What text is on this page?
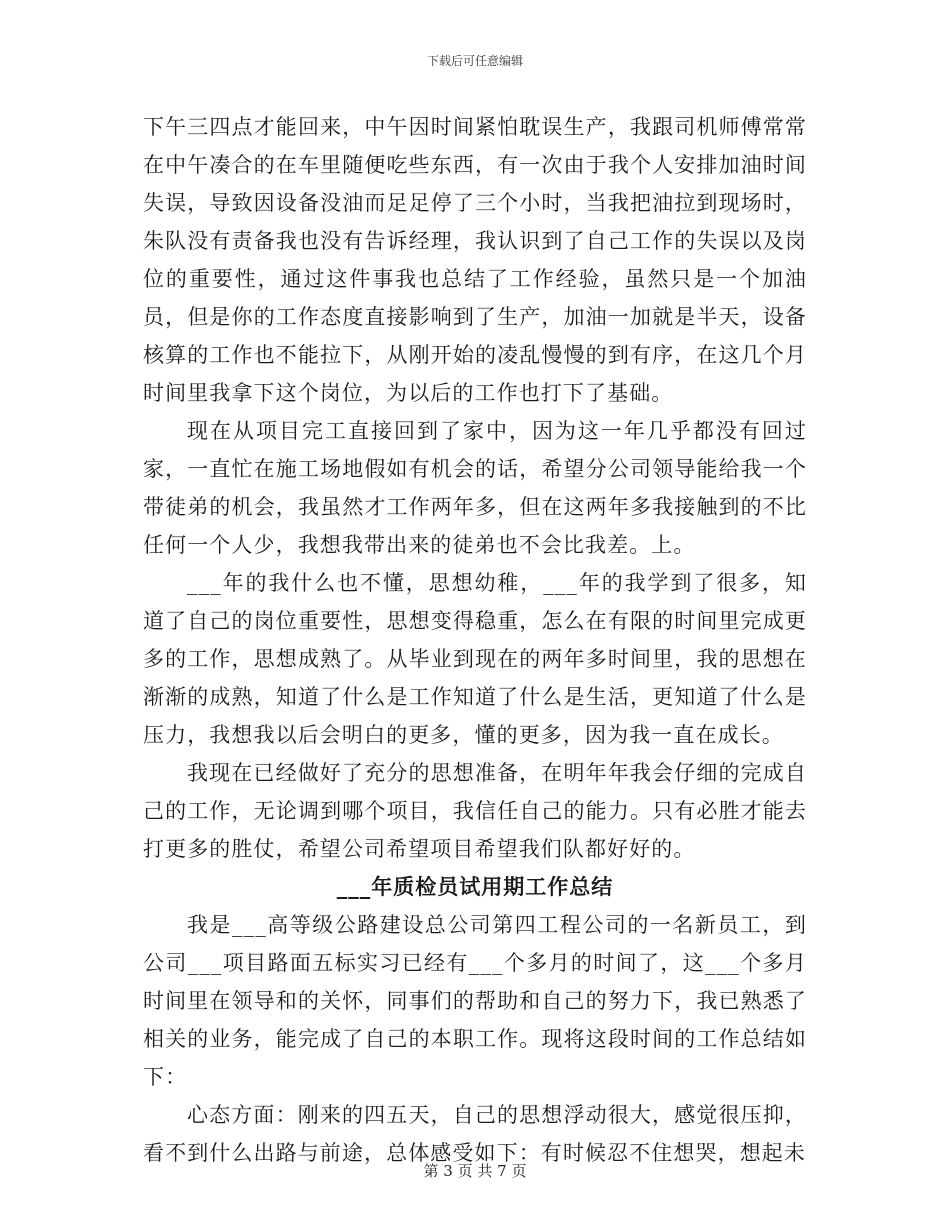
下载后可任意编辑

下午三四点才能回来，中午因时间紧怕耽误生产，我跟司机师傅常常在中午凑合的在车里随便吃些东西，有一次由于我个人安排加油时间失误，导致因设备没油而足足停了三个小时，当我把油拉到现场时，朱队没有责备我也没有告诉经理，我认识到了自己工作的失误以及岗位的重要性，通过这件事我也总结了工作经验，虽然只是一个加油员，但是你的工作态度直接影响到了生产，加油一加就是半天，设备核算的工作也不能拉下，从刚开始的凌乱慢慢的到有序，在这几个月时间里我拿下这个岗位，为以后的工作也打下了基础。

现在从项目完工直接回到了家中，因为这一年几乎都没有回过家，一直忙在施工场地假如有机会的话，希望分公司领导能给我一个带徒弟的机会，我虽然才工作两年多，但在这两年多我接触到的不比任何一个人少，我想我带出来的徒弟也不会比我差。上。

___年的我什么也不懂，思想幼稚，___年的我学到了很多，知道了自己的岗位重要性，思想变得稳重，怎么在有限的时间里完成更多的工作，思想成熟了。从毕业到现在的两年多时间里，我的思想在渐渐的成熟，知道了什么是工作知道了什么是生活，更知道了什么是压力，我想我以后会明白的更多，懂的更多，因为我一直在成长。

我现在已经做好了充分的思想准备，在明年年我会仔细的完成自己的工作，无论调到哪个项目，我信任自己的能力。只有必胜才能去打更多的胜仗，希望公司希望项目希望我们队都好好的。

___年质检员试用期工作总结

我是___高等级公路建设总公司第四工程公司的一名新员工，到公司___项目路面五标实习已经有___个多月的时间了，这___个多月时间里在领导和的关怀，同事们的帮助和自己的努力下，我已熟悉了相关的业务，能完成了自己的本职工作。现将这段时间的工作总结如下：

心态方面：刚来的四五天，自己的思想浮动很大，感觉很压抑，看不到什么出路与前途，总体感受如下：有时候忍不住想哭，想起未

第 3 页 共 7 页
